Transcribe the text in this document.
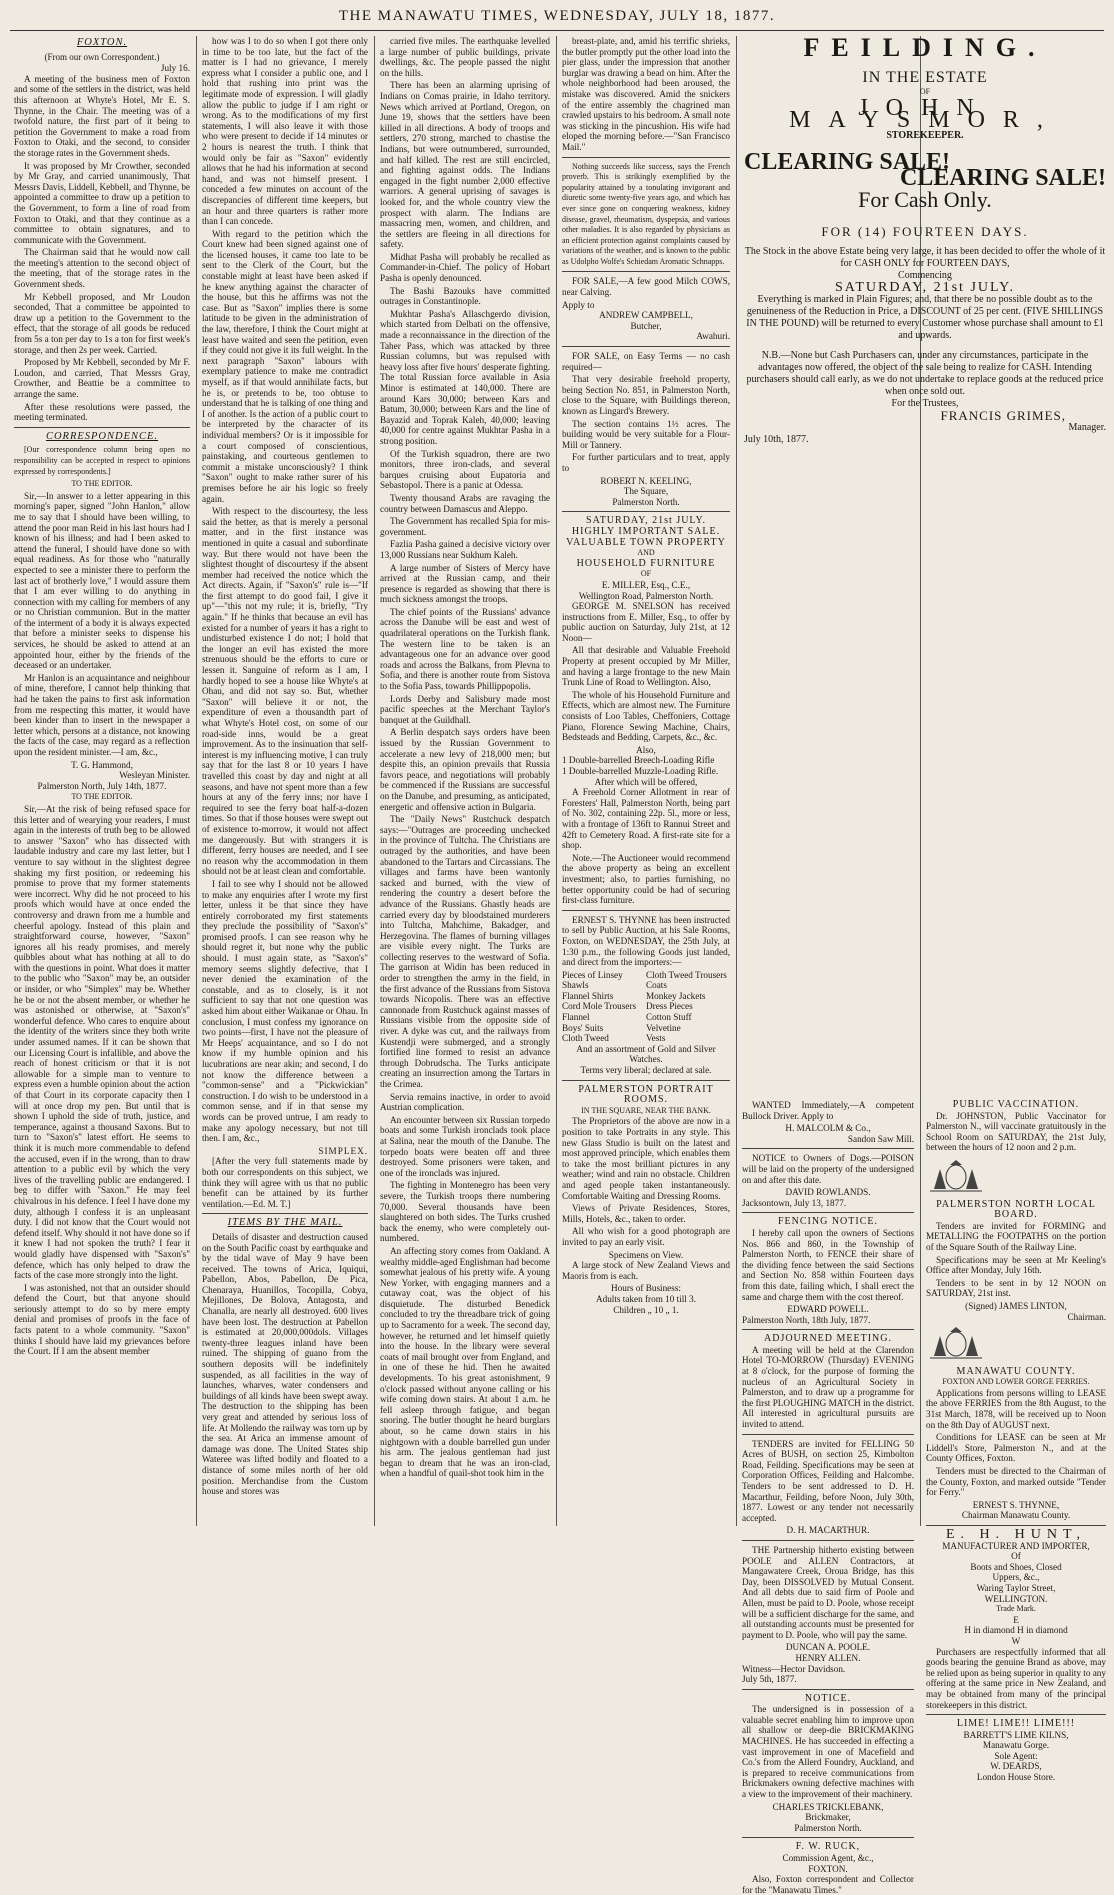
THE MANAWATU TIMES, WEDNESDAY, JULY 18, 1877.
FOXTON.
(From our own Correspondent.)
July 16.

A meeting of the business men of Foxton and some of the settlers in the district, was held this afternoon at Whyte's Hotel, Mr E. S. Thynne, in the Chair. The meeting was of a twofold nature, the first part of it being to petition the Government to make a road from Foxton to Otaki, and the second, to consider the storage rates in the Government sheds.

It was proposed by Mr Crowther, seconded by Mr Gray, and carried unanimously, That Messrs Davis, Liddell, Kebbell, and Thynne, be appointed a committee to draw up a petition to the Government, to form a line of road from Foxton to Otaki, and that they continue as a committee to obtain signatures, and to communicate with the Government.

The Chairman said that he would now call the meeting's attention to the second object of the meeting, that of the storage rates in the Government sheds.

Mr Kebbell proposed, and Mr Loudon seconded, That a committee be appointed to draw up a petition to the Government to the effect, that the storage of all goods be reduced from 5s a ton per day to 1s a ton for first week's storage, and then 2s per week. Carried.

Proposed by Mr Kebbell, seconded by Mr F. Loudon, and carried, That Messrs Gray, Crowther, and Beattie be a committee to arrange the same.

After these resolutions were passed, the meeting terminated.

CORRESPONDENCE.

[Our correspondence column being open no responsibility can be accepted in respect to opinions expressed by correspondents.]

TO THE EDITOR.

Sir,—In answer to a letter appearing in this morning's paper, signed "John Hanlon," allow me to say that I should have been willing, to attend the poor man Reid in his last hours had I known of his illness; and had I been asked to attend the funeral, I should have done so with equal readiness. As for those who "naturally expected to see a minister there to perform the last act of brotherly love," I would assure them that I am ever willing to do anything in connection with my calling for members of any or no Christian communion. But in the matter of the interment of a body it is always expected that before a minister seeks to dispense his services, he should be asked to attend at an appointed hour, either by the friends of the deceased or an undertaker.

Mr Hanlon is an acquaintance and neighbour of mine, therefore, I cannot help thinking that had he taken the pains to first ask information from me respecting this matter, it would have been kinder than to insert in the newspaper a letter which, persons at a distance, not knowing the facts of the case, may regard as a reflection upon the resident minister.—I am, &c.,

T. G. Hammond,
Wesleyan Minister.
Palmerston North, July 14th, 1877.
TO THE EDITOR.

Sir,—At the risk of being refused space for this letter and of wearying your readers, I must again in the interests of truth beg to be allowed to answer "Saxon" who has dissected with laudable industry and care my last letter, but I venture to say without in the slightest degree shaking my first position, or redeeming his promise to prove that my former statements were incorrect. Why did he not proceed to his proofs which would have at once ended the controversy and drawn from me a humble and cheerful apology. Instead of this plain and straightforward course, however, "Saxon" ignores all his ready promises, and merely quibbles about what has nothing at all to do with the questions in point. What does it matter to the public who "Saxon" may be, an outsider or insider, or who "Simplex" may be. Whether he be or not the absent member, or whether he was astonished or otherwise, at "Saxon's" wonderful defence. Who cares to enquire about the identity of the writers since they both write under assumed names. If it can be shown that our Licensing Court is infallible, and above the reach of honest criticism or that it is not allowable for a simple man to venture to express even a humble opinion about the action of that Court in its corporate capacity then I will at once drop my pen. But until that is shown I uphold the side of truth, justice, and temperance, against a thousand Saxons. But to turn to "Saxon's" latest effort. He seems to think it is much more commendable to defend the accused, even if in the wrong, than to draw attention to a public evil by which the very lives of the travelling public are endangered. I beg to differ with "Saxon." He may feel chivalrous in his defence. I feel I have done my duty, although I confess it is an unpleasant duty. I did not know that the Court would not defend itself. Why should it not have done so if it knew I had not spoken the truth? I fear it would gladly have dispensed with "Saxon's" defence, which has only helped to draw the facts of the case more strongly into the light.

I was astonished, not that an outsider should defend the Court, but that anyone should seriously attempt to do so by mere empty denial and promises of proofs in the face of facts patent to a whole community. "Saxon" thinks I should have laid my grievances before the Court. If I am the absent member

how was I to do so when I got there only in time to be too late, but the fact of the matter is I had no grievance, I merely express what I consider a public one, and I hold that rushing into print was the legitimate mode of expression. I will gladly allow the public to judge if I am right or wrong. As to the modifications of my first statements, I will also leave it with those who were present to decide if 14 minutes or 2 hours is nearest the truth. I think that would only be fair as "Saxon" evidently allows that he had his information at second hand, and was not himself present. I conceded a few minutes on account of the discrepancies of different time keepers, but an hour and three quarters is rather more than I can concede.

With regard to the petition which the Court knew had been signed against one of the licensed houses, it came too late to be sent to the Clerk of the Court, but the constable might at least have been asked if he knew anything against the character of the house, but this he affirms was not the case. But as "Saxon" implies there is some latitude to be given in the administration of the law, therefore, I think the Court might at least have waited and seen the petition, even if they could not give it its full weight. In the next paragraph "Saxon" labours with exemplary patience to make me contradict myself, as if that would annihilate facts, but he is, or pretends to be, too obtuse to understand that he is talking of one thing and I of another. Is the action of a public court to be interpreted by the character of its individual members? Or is it impossible for a court composed of conscientious, painstaking, and courteous gentlemen to commit a mistake unconsciously? I think "Saxon" ought to make rather surer of his premises before he air his logic so freely again.

With respect to the discourtesy, the less said the better, as that is merely a personal matter, and in the first instance was mentioned in quite a casual and subordinate way. But there would not have been the slightest thought of discourtesy if the absent member had received the notice which the Act directs. Again, if "Saxon's" rule is—"If the first attempt to do good fail, I give it up"—"this not my rule; it is, briefly, "Try again." If he thinks that because an evil has existed for a number of years it has a right to undisturbed existence I do not; I hold that the longer an evil has existed the more strenuous should be the efforts to cure or lessen it. Sanguine of reform as I am, I hardly hoped to see a house like Whyte's at Ohau, and did not say so. But, whether "Saxon" will believe it or not, the expenditure of even a thousandth part of what Whyte's Hotel cost, on some of our road-side inns, would be a great improvement. As to the insinuation that self-interest is my influencing motive, I can truly say that for the last 8 or 10 years I have travelled this coast by day and night at all seasons, and have not spent more than a few hours at any of the ferry inns; nor have I required to see the ferry boat half-a-dozen times. So that if those houses were swept out of existence to-morrow, it would not affect me dangerously. But with strangers it is different, ferry houses are needed, and I see no reason why the accommodation in them should not be at least clean and comfortable.

I fail to see why I should not be allowed to make any enquiries after I wrote my first letter, unless it be that since they have entirely corroborated my first statements they preclude the possibility of "Saxon's" promised proofs. I can see reason why he should regret it, but none why the public should. I must again state, as "Saxon's" memory seems slightly defective, that I never denied the examination of the constable, and as to closely, is it not sufficient to say that not one question was asked him about either Waikanae or Ohau. In conclusion, I must confess my ignorance on two points—first, I have not the pleasure of Mr Heeps' acquaintance, and so I do not know if my humble opinion and his lucubrations are near akin; and second, I do not know the difference between a "common-sense" and a "Pickwickian" construction. I do wish to be understood in a common sense, and if in that sense my words can be proved untrue, I am ready to make any apology necessary, but not till then. I am, &c.,

SIMPLEX.

[After the very full statements made by both our correspondents on this subject, we think they will agree with us that no public benefit can be attained by its further ventilation.—Ed. M. T.]

ITEMS BY THE MAIL.

Details of disaster and destruction caused on the South Pacific coast by earthquake and by the tidal wave of May 9 have been received. The towns of Arica, Iquiqui, Pabellon, Abos, Pabellon, De Pica, Chenaraya, Huanillos, Tocopilla, Cobya, Mejillones, De Bolova, Antagosta, and Chanalla, are nearly all destroyed. 600 lives have been lost. The destruction at Pabellon is estimated at 20,000,000dols. Villages twenty-three leagues inland have been ruined. The shipping of guano from the southern deposits will be indefinitely suspended, as all facilities in the way of launches, wharves, water condensers and buildings of all kinds have been swept away. The destruction to the shipping has been very great and attended by serious loss of life. At Mollendo the railway was torn up by the sea. At Arica an immense amount of damage was done. The United States ship Wateree was lifted bodily and floated to a distance of some miles north of her old position. Merchandise from the Custom house and stores was

carried five miles. The earthquake levelled a large number of public buildings, private dwellings, &c. The people passed the night on the hills.

There has been an alarming uprising of Indians on Comas prairie, in Idaho territory. News which arrived at Portland, Oregon, on June 19, shows that the settlers have been killed in all directions. A body of troops and settlers, 270 strong, marched to chastise the Indians, but were outnumbered, surrounded, and half killed. The rest are still encircled, and fighting against odds. The Indians engaged in the fight number 2,000 effective warriors. A general uprising of savages is looked for, and the whole country view the prospect with alarm. The Indians are massacring men, women, and children, and the settlers are fleeing in all directions for safety.

Midhat Pasha will probably be recalled as Commander-in-Chief. The policy of Hobart Pasha is openly denounced.

The Bashi Bazouks have committed outrages in Constantinople.

Mukhtar Pasha's Allaschgerdo division, which started from Delbati on the offensive, made a reconnaissance in the direction of the Taher Pass, which was attacked by three Russian columns, but was repulsed with heavy loss after five hours' desperate fighting. The total Russian force available in Asia Minor is estimated at 140,000. There are around Kars 30,000; between Kars and Batum, 30,000; between Kars and the line of Bayazid and Toprak Kaleh, 40,000; leaving 40,000 for centre against Mukhtar Pasha in a strong position.

Of the Turkish squadron, there are two monitors, three iron-clads, and several barques cruising about Eupatoria and Sebastopol. There is a panic at Odessa.

Twenty thousand Arabs are ravaging the country between Damascus and Aleppo.

The Government has recalled Spia for mis-government.

Fazlia Pasha gained a decisive victory over 13,000 Russians near Sukhum Kaleh.

A large number of Sisters of Mercy have arrived at the Russian camp, and their presence is regarded as showing that there is much sickness amongst the troops.

The chief points of the Russians' advance across the Danube will be east and west of quadrilateral operations on the Turkish flank. The western line to be taken is an advantageous one for an advance over good roads and across the Balkans, from Plevna to Sofia, and there is another route from Sistova to the Sofia Pass, towards Phillippopolis.

Lords Derby and Salisbury made most pacific speeches at the Merchant Taylor's banquet at the Guildhall.

A Berlin despatch says orders have been issued by the Russian Government to accelerate a new levy of 218,000 men; but despite this, an opinion prevails that Russia favors peace, and negotiations will probably be commenced if the Russians are successful on the Danube, and presuming, as anticipated, energetic and offensive action in Bulgaria.

The "Daily News" Rustchuck despatch says:—"Outrages are proceeding unchecked in the province of Tultcha. The Christians are outraged by the authorities, and have been abandoned to the Tartars and Circassians. The villages and farms have been wantonly sacked and burned, with the view of rendering the country a desert before the advance of the Russians. Ghastly heads are carried every day by bloodstained murderers into Tultcha, Mahchime, Bakadger, and Herzegovina. The flames of burning villages are visible every night. The Turks are collecting reserves to the westward of Sofia. The garrison at Widin has been reduced in order to strengthen the army in the field, in the first advance of the Russians from Sistova towards Nicopolis. There was an effective cannonade from Rustchuck against masses of Russians visible from the opposite side of river. A dyke was cut, and the railways from Kustendji were submerged, and a strongly fortified line formed to resist an advance through Dobrudscha. The Turks anticipate creating an insurrection among the Tartars in the Crimea.

Servia remains inactive, in order to avoid Austrian complication.

An encounter between six Russian torpedo boats and some Turkish ironclads took place at Salina, near the mouth of the Danube. The torpedo boats were beaten off and three destroyed. Some prisoners were taken, and one of the ironclads was injured.

The fighting in Montenegro has been very severe, the Turkish troops there numbering 70,000. Several thousands have been slaughtered on both sides. The Turks crushed back the enemy, who were completely out-numbered.

An affecting story comes from Oakland. A wealthy middle-aged Englishman had become somewhat jealous of his pretty wife. A young New Yorker, with engaging manners and a cutaway coat, was the object of his disquietude. The disturbed Benedick concluded to try the threadbare trick of going up to Sacramento for a week. The second day, however, he returned and let himself quietly into the house. In the library were several coats of mail brought over from England, and in one of these he hid. Then he awaited developments. To his great astonishment, 9 o'clock passed without anyone calling or his wife coming down stairs. At about 1 a.m. he fell asleep through fatigue, and began snoring. The butler thought he heard burglars about, so he came down stairs in his nightgown with a double barrelled gun under his arm. The jealous gentleman had just began to dream that he was an iron-clad, when a handful of quail-shot took him in the

breast-plate, and, amid his terrific shrieks, the butler promptly put the other load into the pier glass, under the impression that another burglar was drawing a bead on him. After the whole neighborhood had been aroused, the mistake was discovered. Amid the snickers of the entire assembly the chagrined man crawled upstairs to his bedroom. A small note was sticking in the pincushion. His wife had eloped the morning before.—"San Francisco Mail."

Nothing succeeds like success, says the French proverb. This is strikingly exemplified by the popularity attained by a tonulating invigorant and diuretic some twenty-five years ago, and which has ever since gone on conquering weakness, kidney disease, gravel, rheumatism, dyspepsia, and various other maladies. It is also regarded by physicians as an efficient protection against complaints caused by variations of the weather, and is known to the public as Udolpho Wolfe's Schiedam Aromatic Schnapps.

FOR SALE,—A few good Milch COWS, near Calving.

Apply to
ANDREW CAMPBELL,
Butcher,
Awahuri.

FOR SALE, on Easy Terms — no cash required—

That very desirable freehold property, being Section No. 851, in Palmerston North, close to the Square, with Buildings thereon, known as Lingard's Brewery.

The section contains 1½ acres. The building would be very suitable for a Flour-Mill or Tannery.

For further particulars and to treat, apply to

ROBERT N. KEELING,
The Square,
Palmerston North.
SATURDAY, 21st JULY.
HIGHLY IMPORTANT SALE.
VALUABLE TOWN PROPERTY
AND
HOUSEHOLD FURNITURE
OF
E. MILLER, Esq., C.E.,
Wellington Road, Palmerston North.

GEORGE M. SNELSON has received instructions from E. Miller, Esq., to offer by public auction on Saturday, July 21st, at 12 Noon—

All that desirable and Valuable Freehold Property at present occupied by Mr Miller, and having a large frontage to the new Main Trunk Line of Road to Wellington. Also,

The whole of his Household Furniture and Effects, which are almost new. The Furniture consists of Loo Tables, Cheffoniers, Cottage Piano, Florence Sewing Machine, Chairs, Bedsteads and Bedding, Carpets, &c., &c.

Also,
1 Double-barrelled Breech-Loading Rifle
1 Double-barrelled Muzzle-Loading Rifle.
After which will be offered,

A Freehold Corner Allotment in rear of Foresters' Hall, Palmerston North, being part of No. 302, containing 22p. 5l., more or less, with a frontage of 136ft to Rannui Street and 42ft to Cemetery Road. A first-rate site for a shop.

Note.—The Auctioneer would recommend the above property as being an excellent investment; also, to parties furnishing, no better opportunity could be had of securing first-class furniture.

ERNEST S. THYNNE has been instructed to sell by Public Auction, at his Sale Rooms, Foxton, on WEDNESDAY, the 25th July, at 1:30 p.m., the following Goods just landed, and direct from the importers:—

Pieces of Linsey	Cloth Tweed Trousers
Shawls	Coats
Flannel Shirts	Monkey Jackets
Cord Mole Trousers	Dress Pieces
Flannel	Cotton Stuff
Boys' Suits	Velvetine
Cloth Tweed	Vests
And an assortment of Gold and Silver Watches.
Terms very liberal; declared at sale.
PALMERSTON PORTRAIT ROOMS.
IN THE SQUARE, NEAR THE BANK.

The Proprietors of the above are now in a position to take Portraits in any style. This new Glass Studio is built on the latest and most approved principle, which enables them to take the most brilliant pictures in any weather; wind and rain no obstacle. Children and aged people taken instantaneously. Comfortable Waiting and Dressing Rooms.

Views of Private Residences, Stores, Mills, Hotels, &c., taken to order.

All who wish for a good photograph are invited to pay an early visit.

Specimens on View.

A large stock of New Zealand Views and Maoris from is each.

Hours of Business:
Adults taken from 10 till 3.
Children „ 10 „ 1.
FEILDING.
IN THE ESTATE
OF
JOHN MAYSMOR,
STOREKEEPER.
CLEARING SALE!
CLEARING SALE!
For Cash Only.
FOR (14) FOURTEEN DAYS.
The Stock in the above Estate being very large, it has been decided to offer the whole of it for CASH ONLY for FOURTEEN DAYS,
Commencing
SATURDAY, 21st JULY.
Everything is marked in Plain Figures; and, that there be no possible doubt as to the genuineness of the Reduction in Price, a DISCOUNT of 25 per cent. (FIVE SHILLINGS IN THE POUND) will be returned to every Customer whose purchase shall amount to £1 and upwards.
N.B.—None but Cash Purchasers can, under any circumstances, participate in the advantages now offered, the object of the sale being to realize for CASH. Intending purchasers should call early, as we do not undertake to replace goods at the reduced price when once sold out.
For the Trustees,
FRANCIS GRIMES,
Manager.
July 10th, 1877.

WANTED Immediately,—A competent Bullock Driver. Apply to

H. MALCOLM & Co.,
Sandon Saw Mill.

NOTICE to Owners of Dogs.—POISON will be laid on the property of the undersigned on and after this date.

DAVID ROWLANDS.
Jacksontown, July 13, 1877.
FENCING NOTICE.

I hereby call upon the owners of Sections Nos. 866 and 860, in the Township of Palmerston North, to FENCE their share of the dividing fence between the said Sections and Section No. 858 within Fourteen days from this date, failing which, I shall erect the same and charge them with the cost thereof.

EDWARD POWELL.
Palmerston North, 18th July, 1877.
ADJOURNED MEETING.

A meeting will be held at the Clarendon Hotel TO-MORROW (Thursday) EVENING at 8 o'clock, for the purpose of forming the nucleus of an Agricultural Society in Palmerston, and to draw up a programme for the first PLOUGHING MATCH in the district. All interested in agricultural pursuits are invited to attend.

TENDERS are invited for FELLING 50 Acres of BUSH, on section 25, Kimbolton Road, Feilding. Specifications may be seen at Corporation Offices, Feilding and Halcombe. Tenders to be sent addressed to D. H. Macarthur, Feilding, before Noon, July 30th, 1877. Lowest or any tender not necessarily accepted.

D. H. MACARTHUR.

THE Partnership hitherto existing between POOLE and ALLEN Contractors, at Mangawatere Creek, Oroua Bridge, has this Day, been DISSOLVED by Mutual Consent. And all debts due to said firm of Poole and Allen, must be paid to D. Poole, whose receipt will be a sufficient discharge for the same, and all outstanding accounts must be presented for payment to D. Poole, who will pay the same.

DUNCAN A. POOLE.
HENRY ALLEN.
Witness—Hector Davidson.
July 5th, 1877.
NOTICE.

The undersigned is in possession of a valuable secret enabling him to improve upon all shallow or deep-die BRICKMAKING MACHINES. He has succeeded in effecting a vast improvement in one of Macefield and Co.'s from the Allerd Foundry, Auckland, and is prepared to receive communications from Brickmakers owning defective machines with a view to the improvement of their machinery.

CHARLES TRICKLEBANK,
Brickmaker,
Palmerston North.
F. W. RUCK,
Commission Agent, &c.,
FOXTON.

Also, Foxton correspondent and Collector for the "Manawatu Times."

PUBLIC VACCINATION.

Dr. JOHNSTON, Public Vaccinator for Palmerston N., will vaccinate gratuitously in the School Room on SATURDAY, the 21st July, between the hours of 12 noon and 2 p.m.

PALMERSTON NORTH LOCAL BOARD.

Tenders are invited for FORMING and METALLING the FOOTPATHS on the portion of the Square South of the Railway Line.

Specifications may be seen at Mr Keeling's Office after Monday, July 16th.

Tenders to be sent in by 12 NOON on SATURDAY, 21st inst.

(Signed) JAMES LINTON,
Chairman.
MANAWATU COUNTY.
FOXTON AND LOWER GORGE FERRIES.

Applications from persons willing to LEASE the above FERRIES from the 8th August, to the 31st March, 1878, will be received up to Noon on the 8th Day of AUGUST next.

Conditions for LEASE can be seen at Mr Liddell's Store, Palmerston N., and at the County Offices, Foxton.

Tenders must be directed to the Chairman of the County, Foxton, and marked outside "Tender for Ferry."

ERNEST S. THYNNE,
Chairman Manawatu County.
E. H. HUNT,
MANUFACTURER AND IMPORTER,
Of
Boots and Shoes, Closed
Uppers, &c.,
Waring Taylor Street,
WELLINGTON.
Trade Mark.
E
H in diamond H in diamond
W

Purchasers are respectfully informed that all goods bearing the genuine Brand as above, may be relied upon as being superior in quality to any offering at the same price in New Zealand, and may be obtained from many of the principal storekeepers in this district.

LIME! LIME!! LIME!!!
BARRETT'S LIME KILNS,
Manawatu Gorge.
Sole Agent:
W. DEARDS,
London House Store.
